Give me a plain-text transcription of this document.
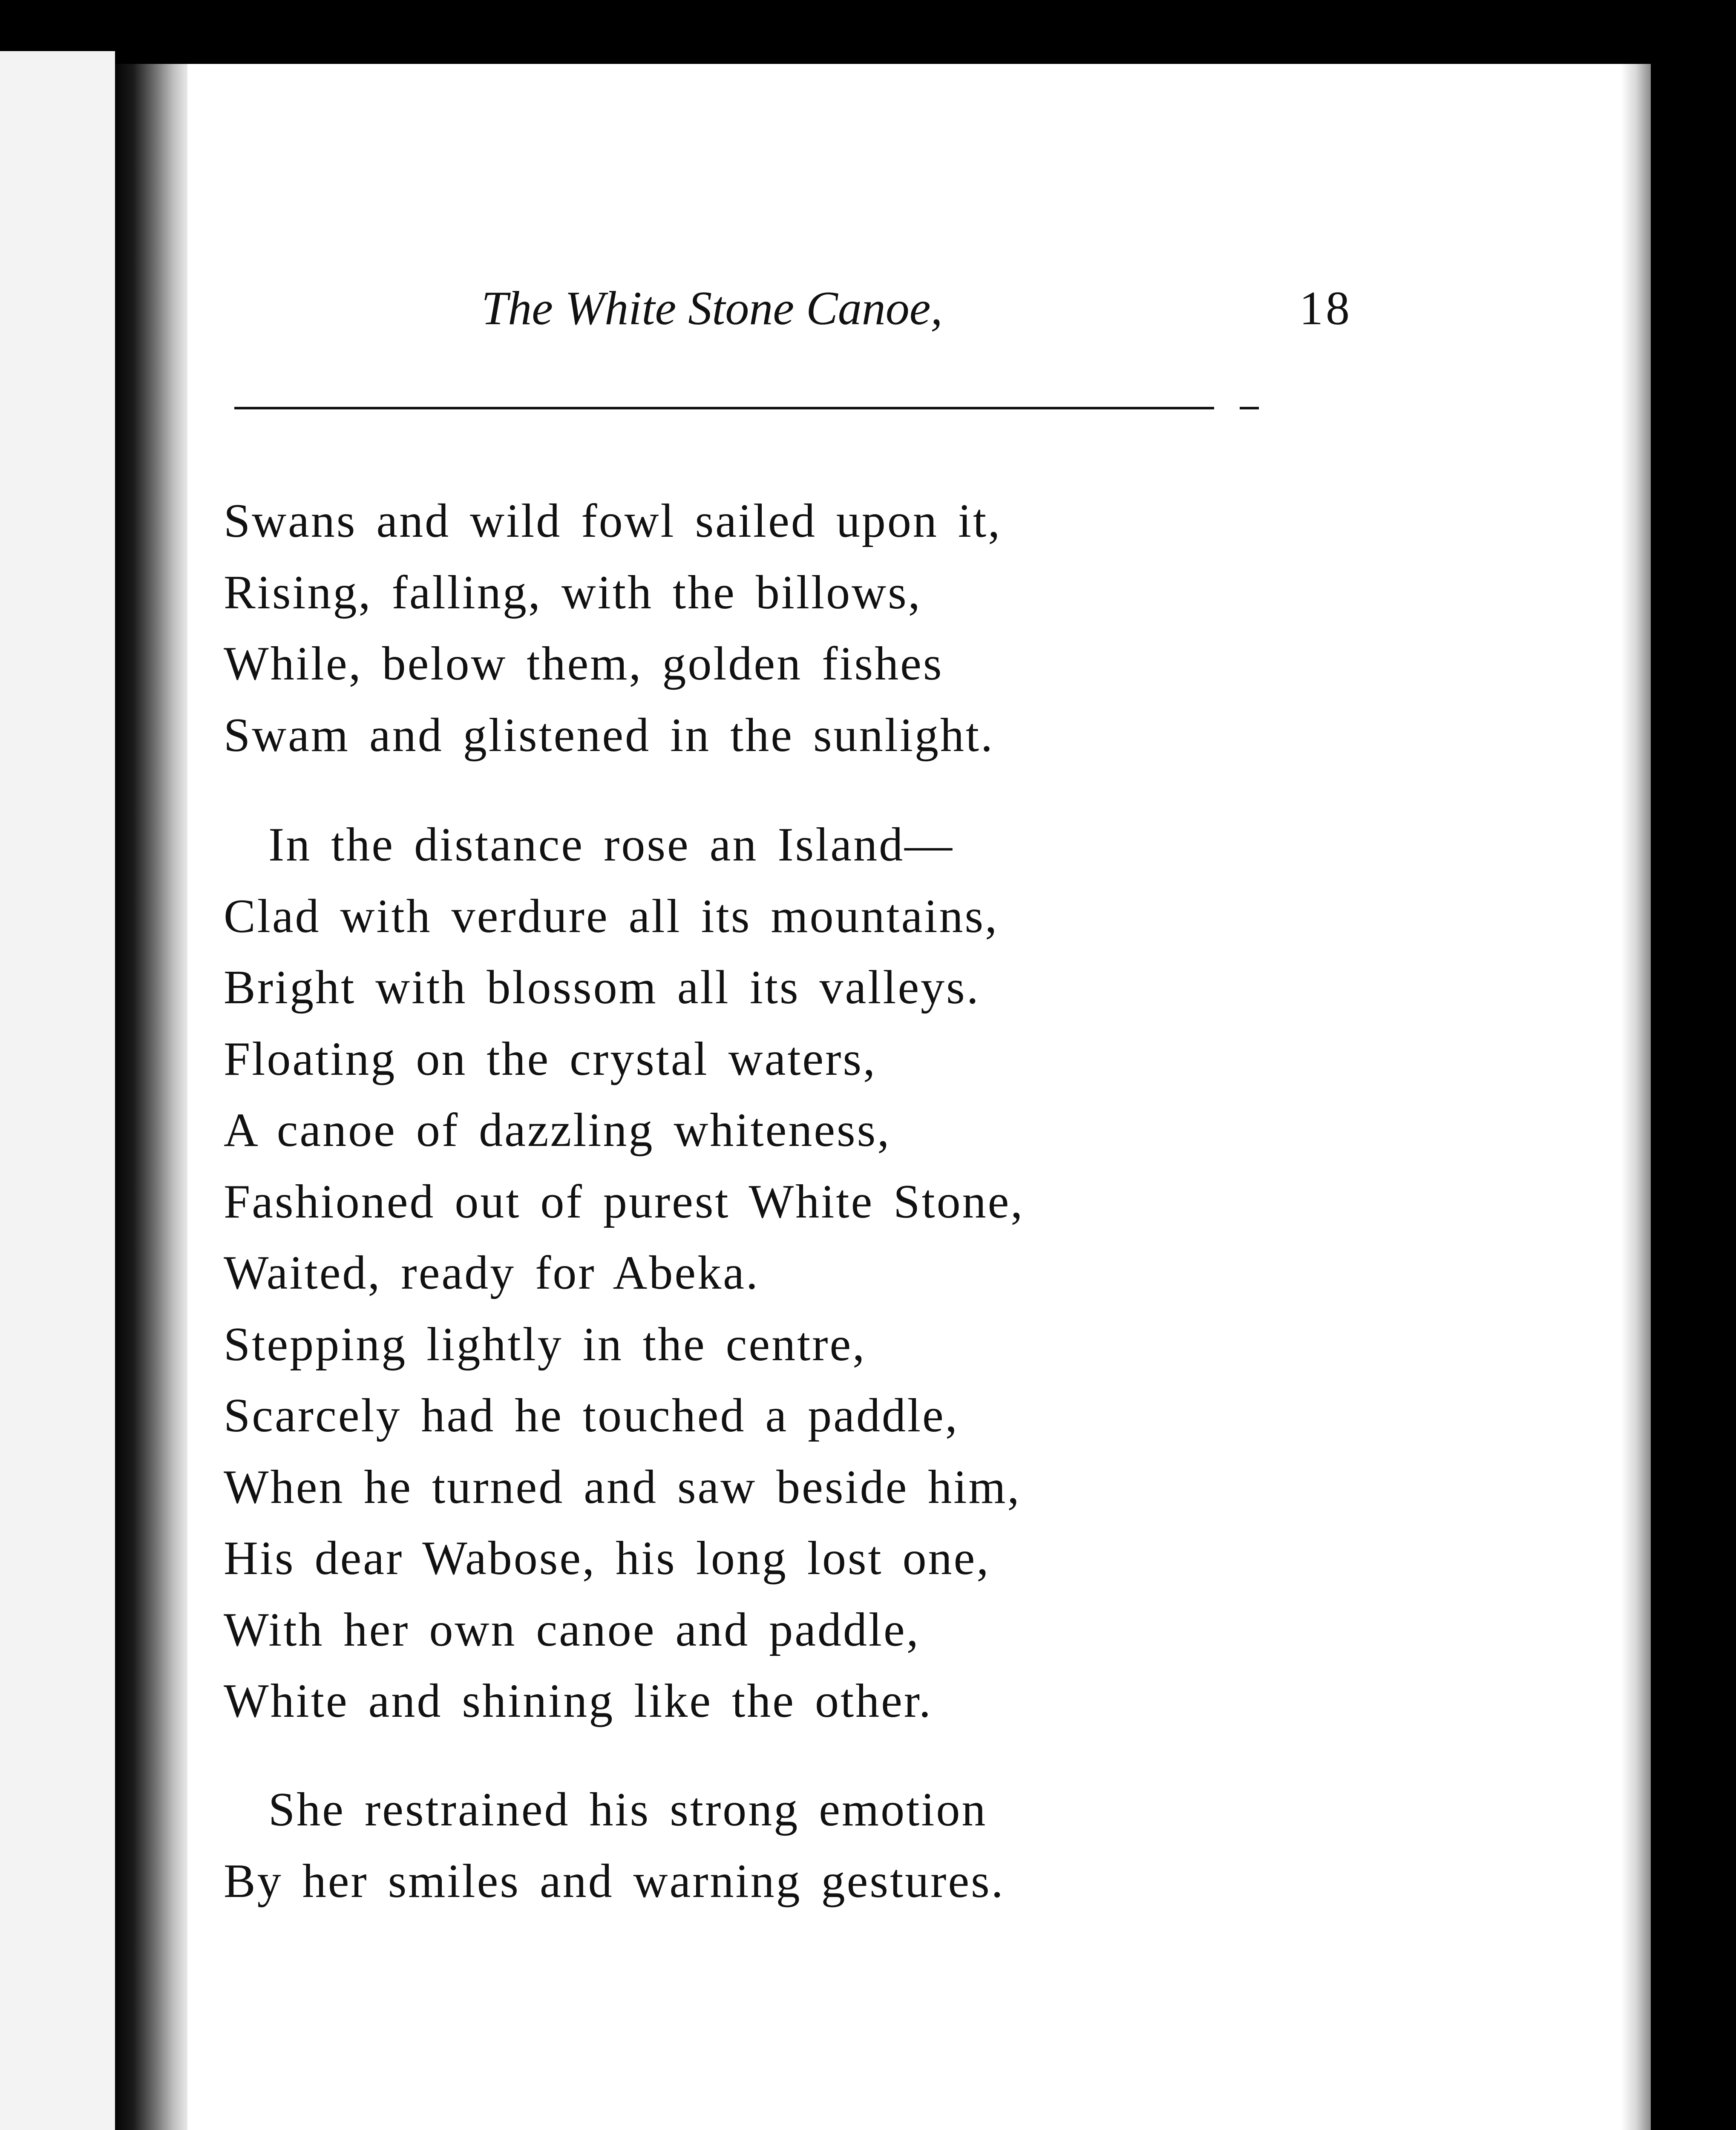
The White Stone Canoe,	18
Swans and wild fowl sailed upon it,
Rising, falling, with the billows,
While, below them, golden fishes
Swam and glistened in the sunlight.
In the distance rose an Island—
Clad with verdure all its mountains,
Bright with blossom all its valleys.
Floating on the crystal waters,
A canoe of dazzling whiteness,
Fashioned out of purest White Stone,
Waited, ready for Abeka.
Stepping lightly in the centre,
Scarcely had he touched a paddle,
When he turned and saw beside him,
His dear Wabose, his long lost one,
With her own canoe and paddle,
White and shining like the other.
She restrained his strong emotion
By her smiles and warning gestures.
